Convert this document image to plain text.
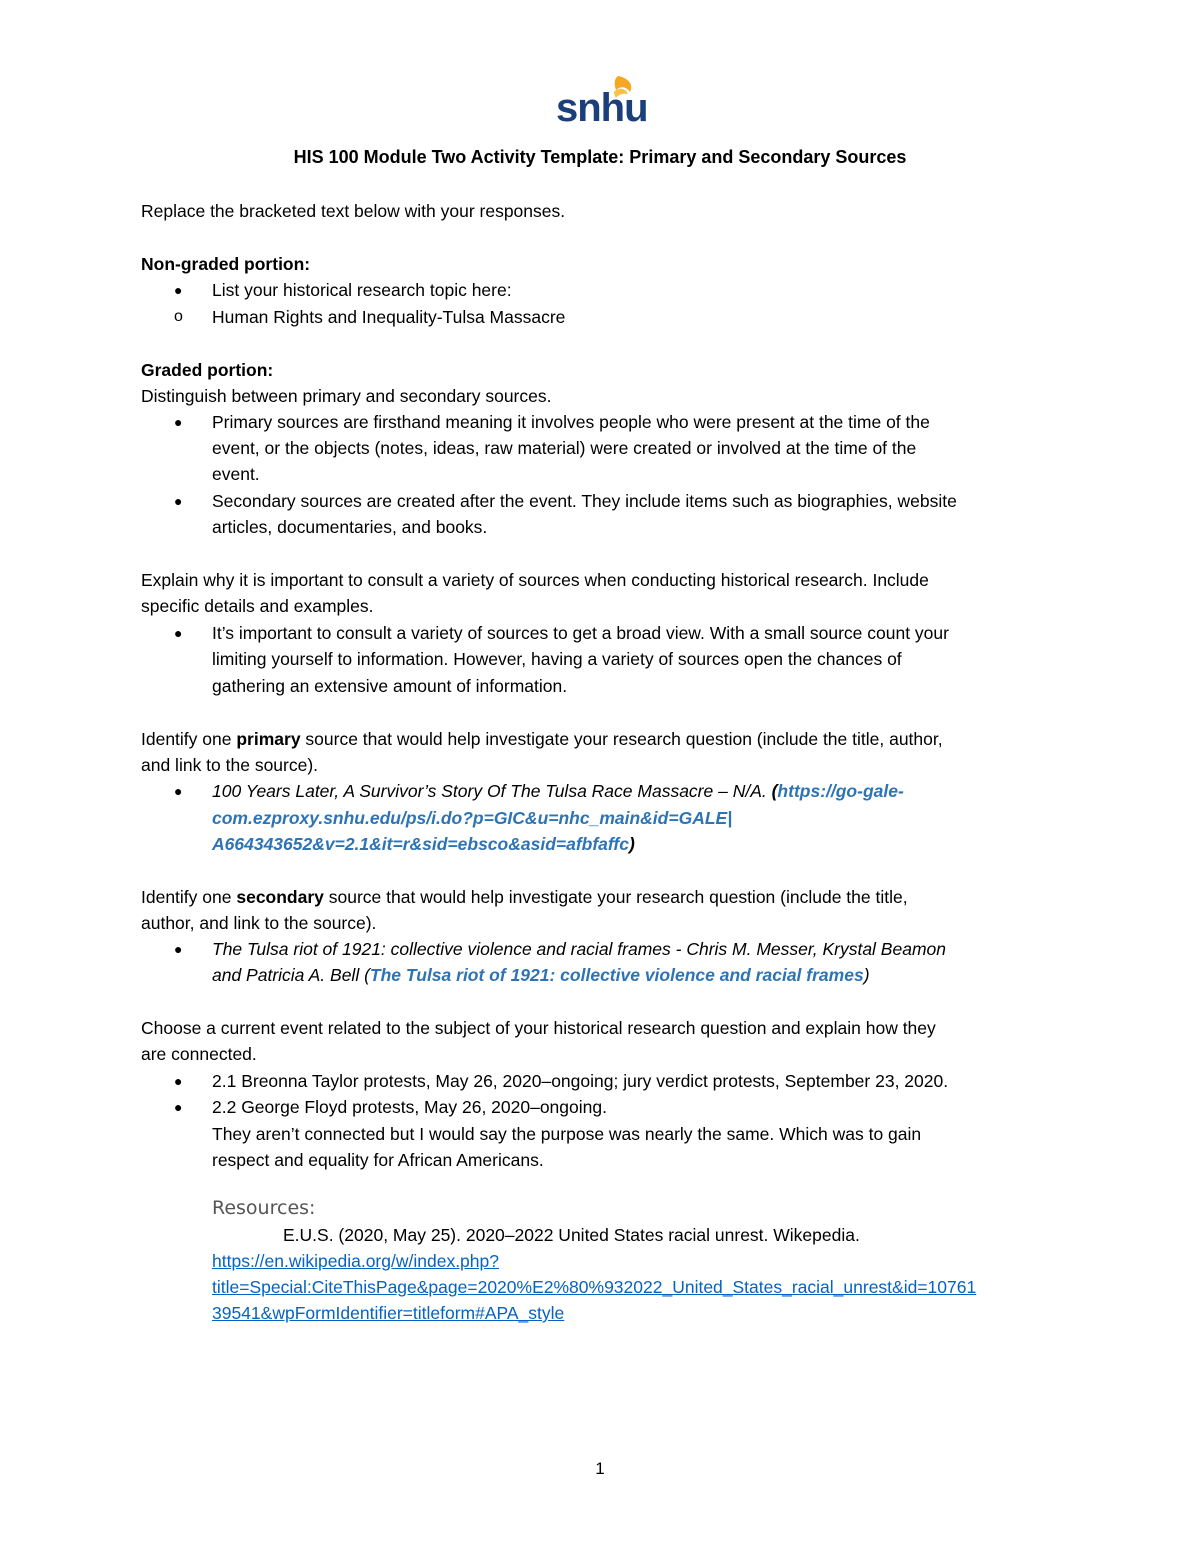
snhu
HIS 100 Module Two Activity Template: Primary and Secondary Sources
Replace the bracketed text below with your responses.
Non-graded portion:
● List your historical research topic here:
o Human Rights and Inequality-Tulsa Massacre
Graded portion:
Distinguish between primary and secondary sources.
● Primary sources are firsthand meaning it involves people who were present at the time of the
event, or the objects (notes, ideas, raw material) were created or involved at the time of the
event.
● Secondary sources are created after the event. They include items such as biographies, website
articles, documentaries, and books.
Explain why it is important to consult a variety of sources when conducting historical research. Include
specific details and examples.
● It’s important to consult a variety of sources to get a broad view. With a small source count your
limiting yourself to information. However, having a variety of sources open the chances of
gathering an extensive amount of information.
Identify one primary source that would help investigate your research question (include the title, author,
and link to the source).
● 100 Years Later, A Survivor’s Story Of The Tulsa Race Massacre – N/A. (https://go-gale-
com.ezproxy.snhu.edu/ps/i.do?p=GIC&u=nhc_main&id=GALE|
A664343652&v=2.1&it=r&sid=ebsco&asid=afbfaffc)
Identify one secondary source that would help investigate your research question (include the title,
author, and link to the source).
● The Tulsa riot of 1921: collective violence and racial frames - Chris M. Messer, Krystal Beamon
and Patricia A. Bell (The Tulsa riot of 1921: collective violence and racial frames)
Choose a current event related to the subject of your historical research question and explain how they
are connected.
● 2.1 Breonna Taylor protests, May 26, 2020–ongoing; jury verdict protests, September 23, 2020.
● 2.2 George Floyd protests, May 26, 2020–ongoing.
They aren’t connected but I would say the purpose was nearly the same. Which was to gain
respect and equality for African Americans.
Resources:
E.U.S. (2020, May 25). 2020–2022 United States racial unrest. Wikepedia.
https://en.wikipedia.org/w/index.php?
title=Special:CiteThisPage&page=2020%E2%80%932022_United_States_racial_unrest&id=10761
39541&wpFormIdentifier=titleform#APA_style
1
